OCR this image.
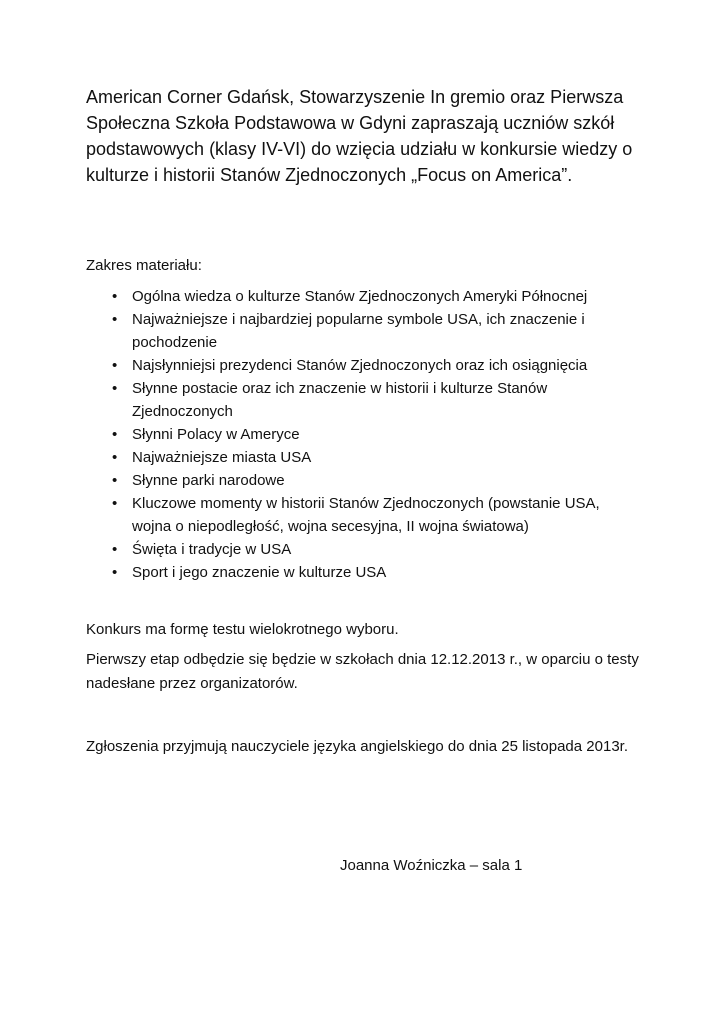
American Corner Gdańsk, Stowarzyszenie In gremio oraz Pierwsza Społeczna Szkoła Podstawowa w Gdyni zapraszają uczniów szkół podstawowych (klasy IV-VI) do wzięcia udziału w konkursie wiedzy o kulturze i historii Stanów Zjednoczonych „Focus on America”.

Zakres materiału:

• Ogólna wiedza o kulturze Stanów Zjednoczonych Ameryki Północnej
• Najważniejsze i najbardziej popularne symbole USA, ich znaczenie i pochodzenie
• Najsłynniejsi prezydenci Stanów Zjednoczonych oraz ich osiągnięcia
• Słynne postacie oraz ich znaczenie w historii i kulturze Stanów Zjednoczonych
• Słynni Polacy w Ameryce
• Najważniejsze miasta USA
• Słynne parki narodowe
• Kluczowe momenty w historii Stanów Zjednoczonych (powstanie USA, wojna o niepodległość, wojna secesyjna, II wojna światowa)
• Święta i tradycje w USA
• Sport i jego znaczenie w kulturze USA

Konkurs ma formę testu wielokrotnego wyboru.

Pierwszy etap odbędzie się będzie w szkołach dnia 12.12.2013 r., w oparciu o testy nadesłane przez organizatorów.

Zgłoszenia przyjmują nauczyciele języka angielskiego do dnia 25 listopada 2013r.

Joanna Woźniczka – sala 1
